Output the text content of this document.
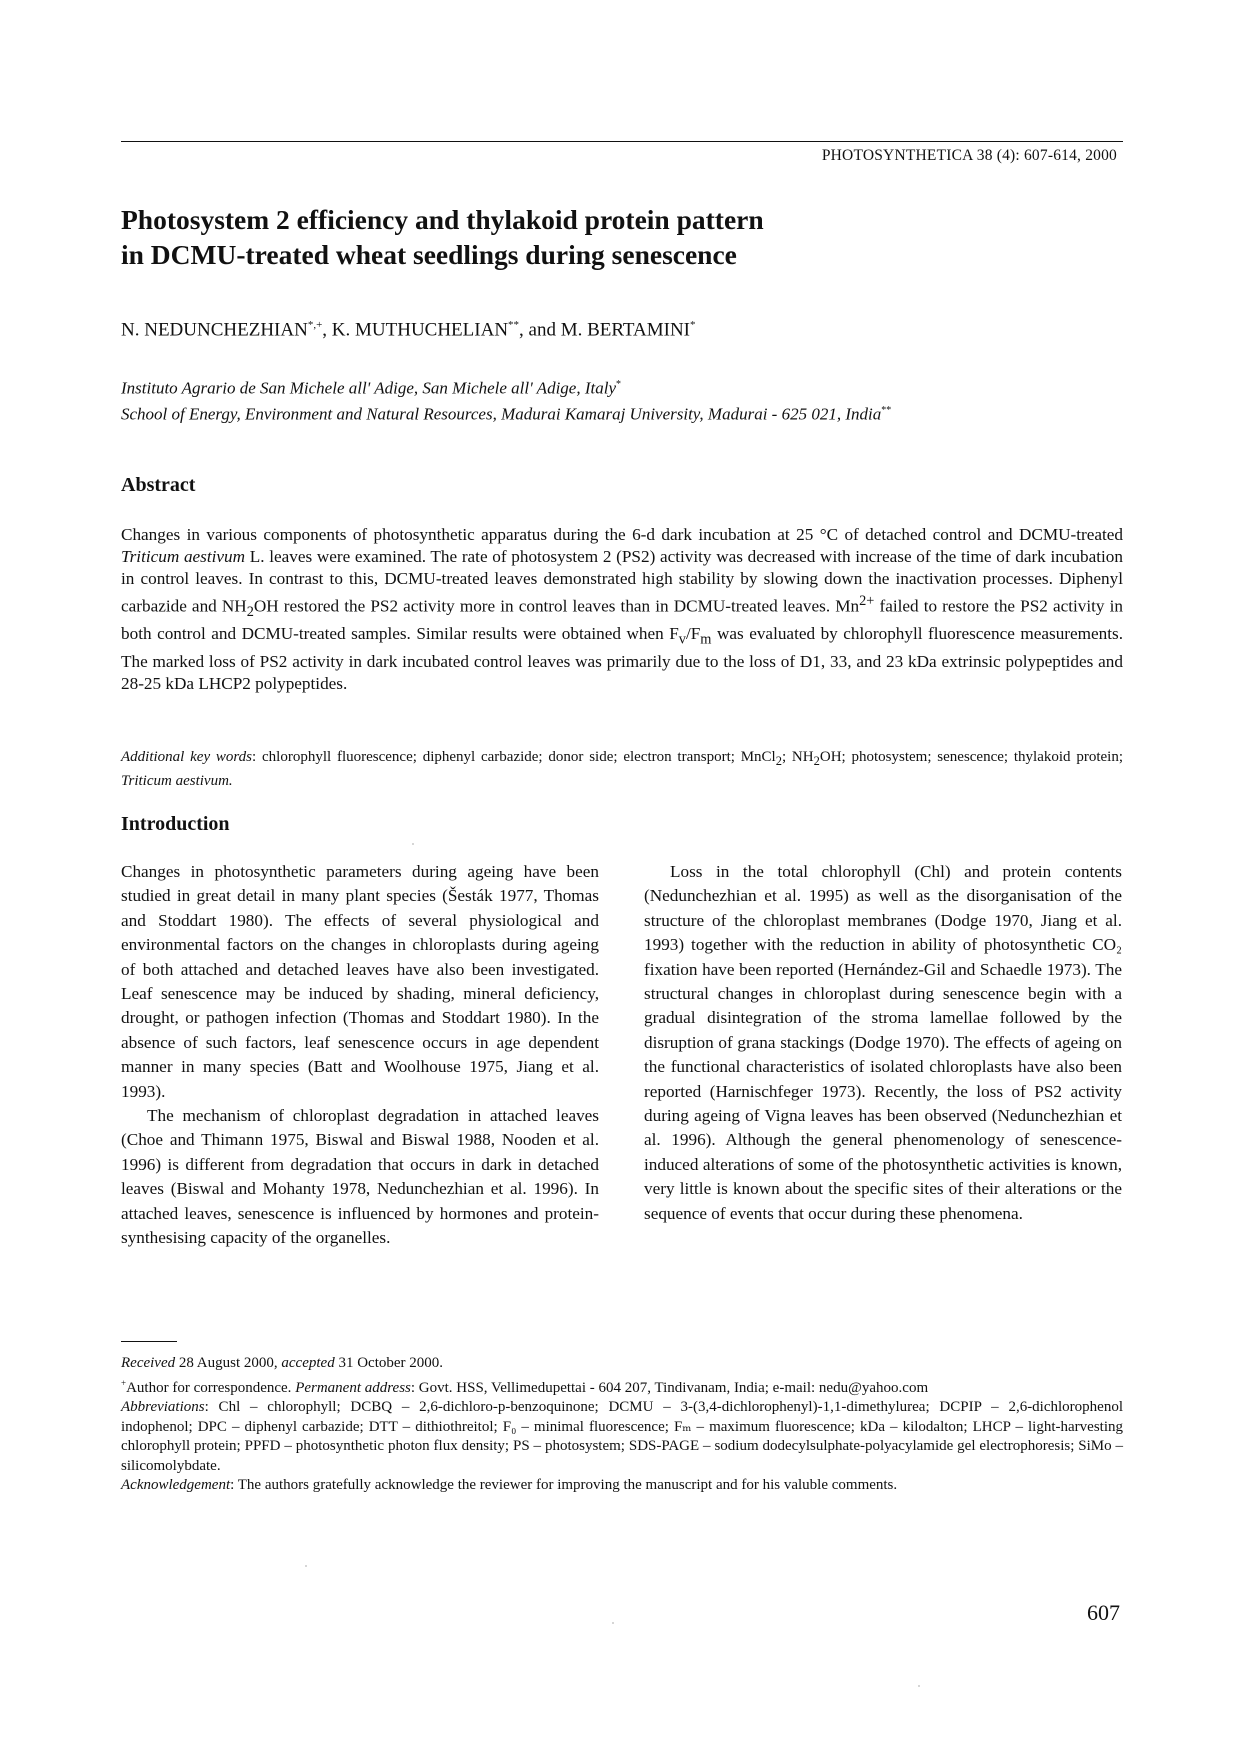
PHOTOSYNTHETICA 38 (4): 607-614, 2000
Photosystem 2 efficiency and thylakoid protein pattern
in DCMU-treated wheat seedlings during senescence
N. NEDUNCHEZHIAN*,+, K. MUTHUCHELIAN**, and M. BERTAMINI*
Instituto Agrario de San Michele all' Adige, San Michele all' Adige, Italy*
School of Energy, Environment and Natural Resources, Madurai Kamaraj University, Madurai - 625 021, India**
Abstract

Changes in various components of photosynthetic apparatus during the 6-d dark incubation at 25 °C of detached control and DCMU-treated Triticum aestivum L. leaves were examined. The rate of photosystem 2 (PS2) activity was decreased with increase of the time of dark incubation in control leaves. In contrast to this, DCMU-treated leaves demonstrated high stability by slowing down the inactivation processes. Diphenyl carbazide and $NH_2OH$ restored the PS2 activity more in control leaves than in DCMU-treated leaves. $Mn^{2+}$ failed to restore the PS2 activity in both control and DCMU-treated samples. Similar results were obtained when $F_v/F_m$ was evaluated by chlorophyll fluorescence measurements. The marked loss of PS2 activity in dark incubated control leaves was primarily due to the loss of D1, 33, and 23 kDa extrinsic polypeptides and 28-25 kDa LHCP2 polypeptides.

Additional key words: chlorophyll fluorescence; diphenyl carbazide; donor side; electron transport; MnCl$_2$; $NH_2OH$; photosystem; senescence; thylakoid protein; Triticum aestivum.
Introduction

Changes in photosynthetic parameters during ageing have been studied in great detail in many plant species (Šesták 1977, Thomas and Stoddart 1980). The effects of several physiological and environmental factors on the changes in chloroplasts during ageing of both attached and detached leaves have also been investigated. Leaf senescence may be induced by shading, mineral deficiency, drought, or pathogen infection (Thomas and Stoddart 1980). In the absence of such factors, leaf senescence occurs in age dependent manner in many species (Batt and Woolhouse 1975, Jiang et al. 1993).

The mechanism of chloroplast degradation in attached leaves (Choe and Thimann 1975, Biswal and Biswal 1988, Nooden et al. 1996) is different from degradation that occurs in dark in detached leaves (Biswal and Mohanty 1978, Nedunchezhian et al. 1996). In attached leaves, senescence is influenced by hormones and protein-synthesising capacity of the organelles.

Loss in the total chlorophyll (Chl) and protein contents (Nedunchezhian et al. 1995) as well as the disorganisation of the structure of the chloroplast membranes (Dodge 1970, Jiang et al. 1993) together with the reduction in ability of photosynthetic CO₂ fixation have been reported (Hernández-Gil and Schaedle 1973). The structural changes in chloroplast during senescence begin with a gradual disintegration of the stroma lamellae followed by the disruption of grana stackings (Dodge 1970). The effects of ageing on the functional characteristics of isolated chloroplasts have also been reported (Harnischfeger 1973). Recently, the loss of PS2 activity during ageing of Vigna leaves has been observed (Nedunchezhian et al. 1996). Although the general phenomenology of senescence-induced alterations of some of the photosynthetic activities is known, very little is known about the specific sites of their alterations or the sequence of events that occur during these phenomena.

Received 28 August 2000, accepted 31 October 2000.

+Author for correspondence. Permanent address: Govt. HSS, Vellimedupettai - 604 207, Tindivanam, India; e-mail: nedu@yahoo.com

Abbreviations: Chl – chlorophyll; DCBQ – 2,6-dichloro-p-benzoquinone; DCMU – 3-(3,4-dichlorophenyl)-1,1-dimethylurea; DCPIP – 2,6-dichlorophenol indophenol; DPC – diphenyl carbazide; DTT – dithiothreitol; F₀ – minimal fluorescence; Fₘ – maximum fluorescence; kDa – kilodalton; LHCP – light-harvesting chlorophyll protein; PPFD – photosynthetic photon flux density; PS – photosystem; SDS-PAGE – sodium dodecylsulphate-polyacylamide gel electrophoresis; SiMo – silicomolybdate.

Acknowledgement: The authors gratefully acknowledge the reviewer for improving the manuscript and for his valuble comments.

607
